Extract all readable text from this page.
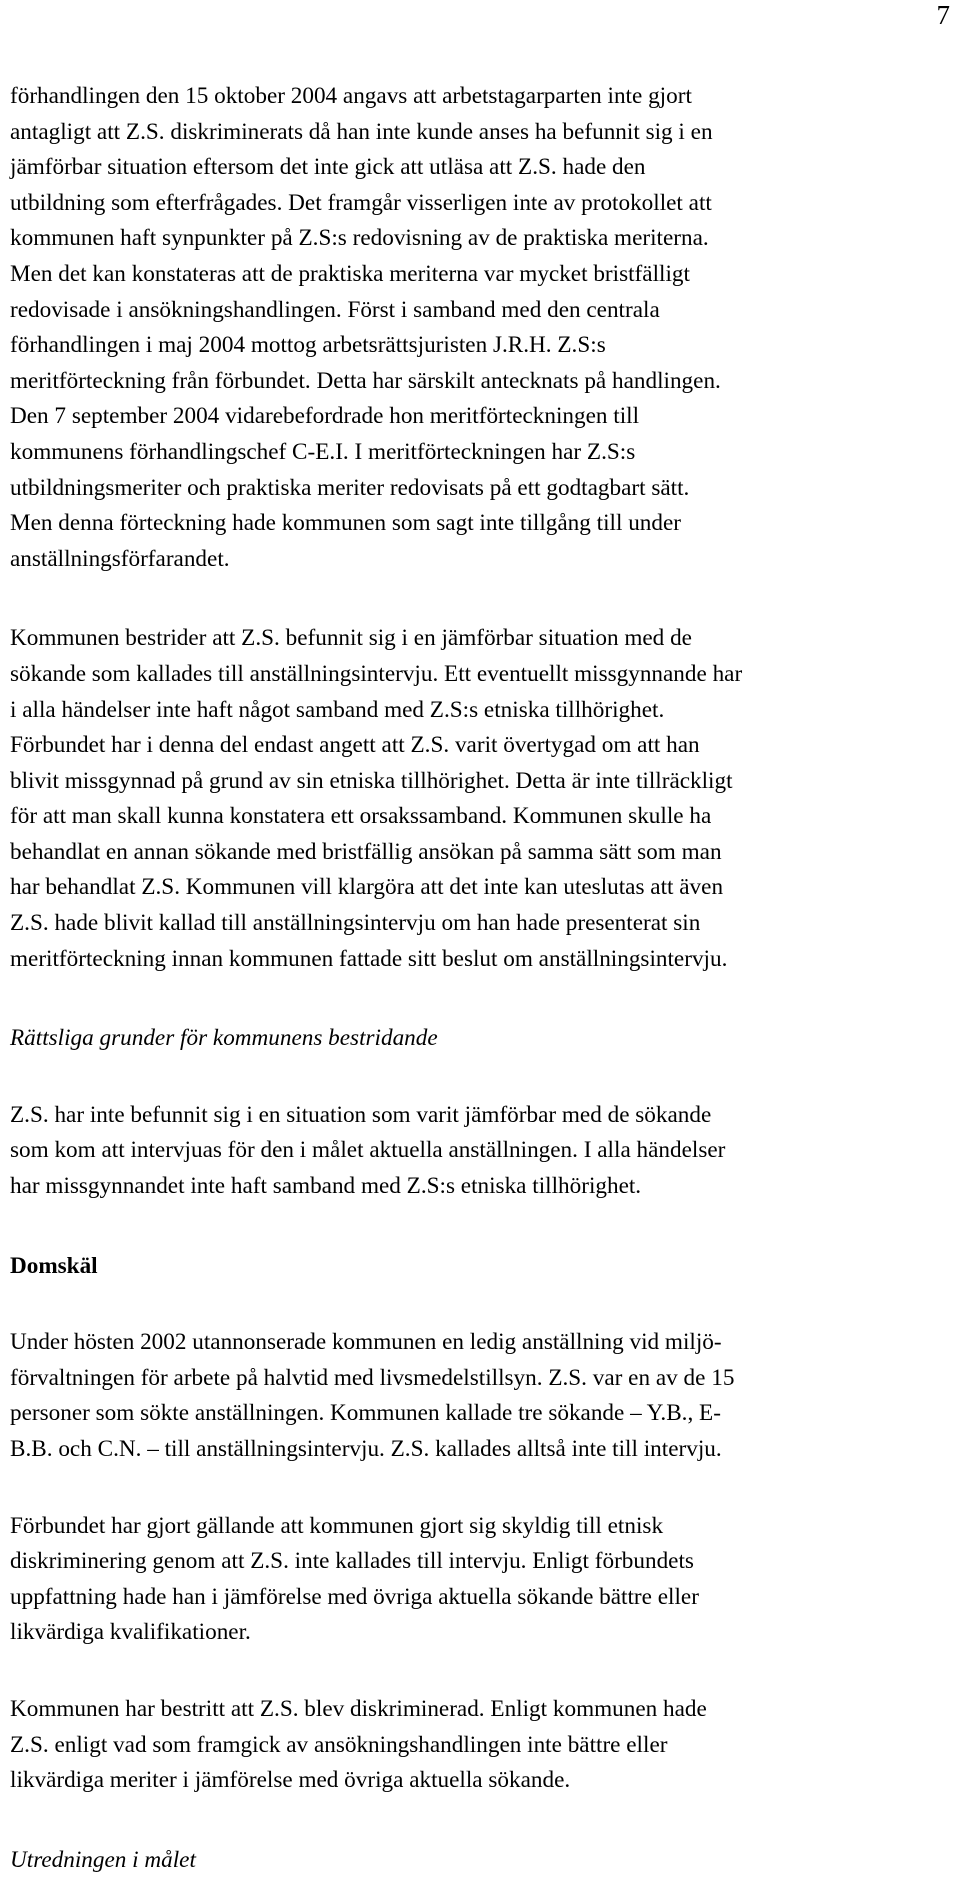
7

förhandlingen den 15 oktober 2004 angavs att arbetstagarparten inte gjort
antagligt att Z.S. diskriminerats då han inte kunde anses ha befunnit sig i en
jämförbar situation eftersom det inte gick att utläsa att Z.S. hade den
utbildning som efterfrågades. Det framgår visserligen inte av protokollet att
kommunen haft synpunkter på Z.S:s redovisning av de praktiska meriterna.
Men det kan konstateras att de praktiska meriterna var mycket bristfälligt
redovisade i ansökningshandlingen. Först i samband med den centrala
förhandlingen i maj 2004 mottog arbetsrättsjuristen J.R.H. Z.S:s
meritförteckning från förbundet. Detta har särskilt antecknats på handlingen.
Den 7 september 2004 vidarebefordrade hon meritförteckningen till
kommunens förhandlingschef C-E.I. I meritförteckningen har Z.S:s
utbildningsmeriter och praktiska meriter redovisats på ett godtagbart sätt.
Men denna förteckning hade kommunen som sagt inte tillgång till under
anställningsförfarandet.

Kommunen bestrider att Z.S. befunnit sig i en jämförbar situation med de
sökande som kallades till anställningsintervju. Ett eventuellt missgynnande har
i alla händelser inte haft något samband med Z.S:s etniska tillhörighet.
Förbundet har i denna del endast angett att Z.S. varit övertygad om att han
blivit missgynnad på grund av sin etniska tillhörighet. Detta är inte tillräckligt
för att man skall kunna konstatera ett orsakssamband. Kommunen skulle ha
behandlat en annan sökande med bristfällig ansökan på samma sätt som man
har behandlat Z.S. Kommunen vill klargöra att det inte kan uteslutas att även
Z.S. hade blivit kallad till anställningsintervju om han hade presenterat sin
meritförteckning innan kommunen fattade sitt beslut om anställningsintervju.

Rättsliga grunder för kommunens bestridande

Z.S. har inte befunnit sig i en situation som varit jämförbar med de sökande
som kom att intervjuas för den i målet aktuella anställningen. I alla händelser
har missgynnandet inte haft samband med Z.S:s etniska tillhörighet.

Domskäl

Under hösten 2002 utannonserade kommunen en ledig anställning vid miljö-
förvaltningen för arbete på halvtid med livsmedelstillsyn. Z.S. var en av de 15
personer som sökte anställningen. Kommunen kallade tre sökande – Y.B., E-
B.B. och C.N. – till anställningsintervju. Z.S. kallades alltså inte till intervju.

Förbundet har gjort gällande att kommunen gjort sig skyldig till etnisk
diskriminering genom att Z.S. inte kallades till intervju. Enligt förbundets
uppfattning hade han i jämförelse med övriga aktuella sökande bättre eller
likvärdiga kvalifikationer.

Kommunen har bestritt att Z.S. blev diskriminerad. Enligt kommunen hade
Z.S. enligt vad som framgick av ansökningshandlingen inte bättre eller
likvärdiga meriter i jämförelse med övriga aktuella sökande.

Utredningen i målet
